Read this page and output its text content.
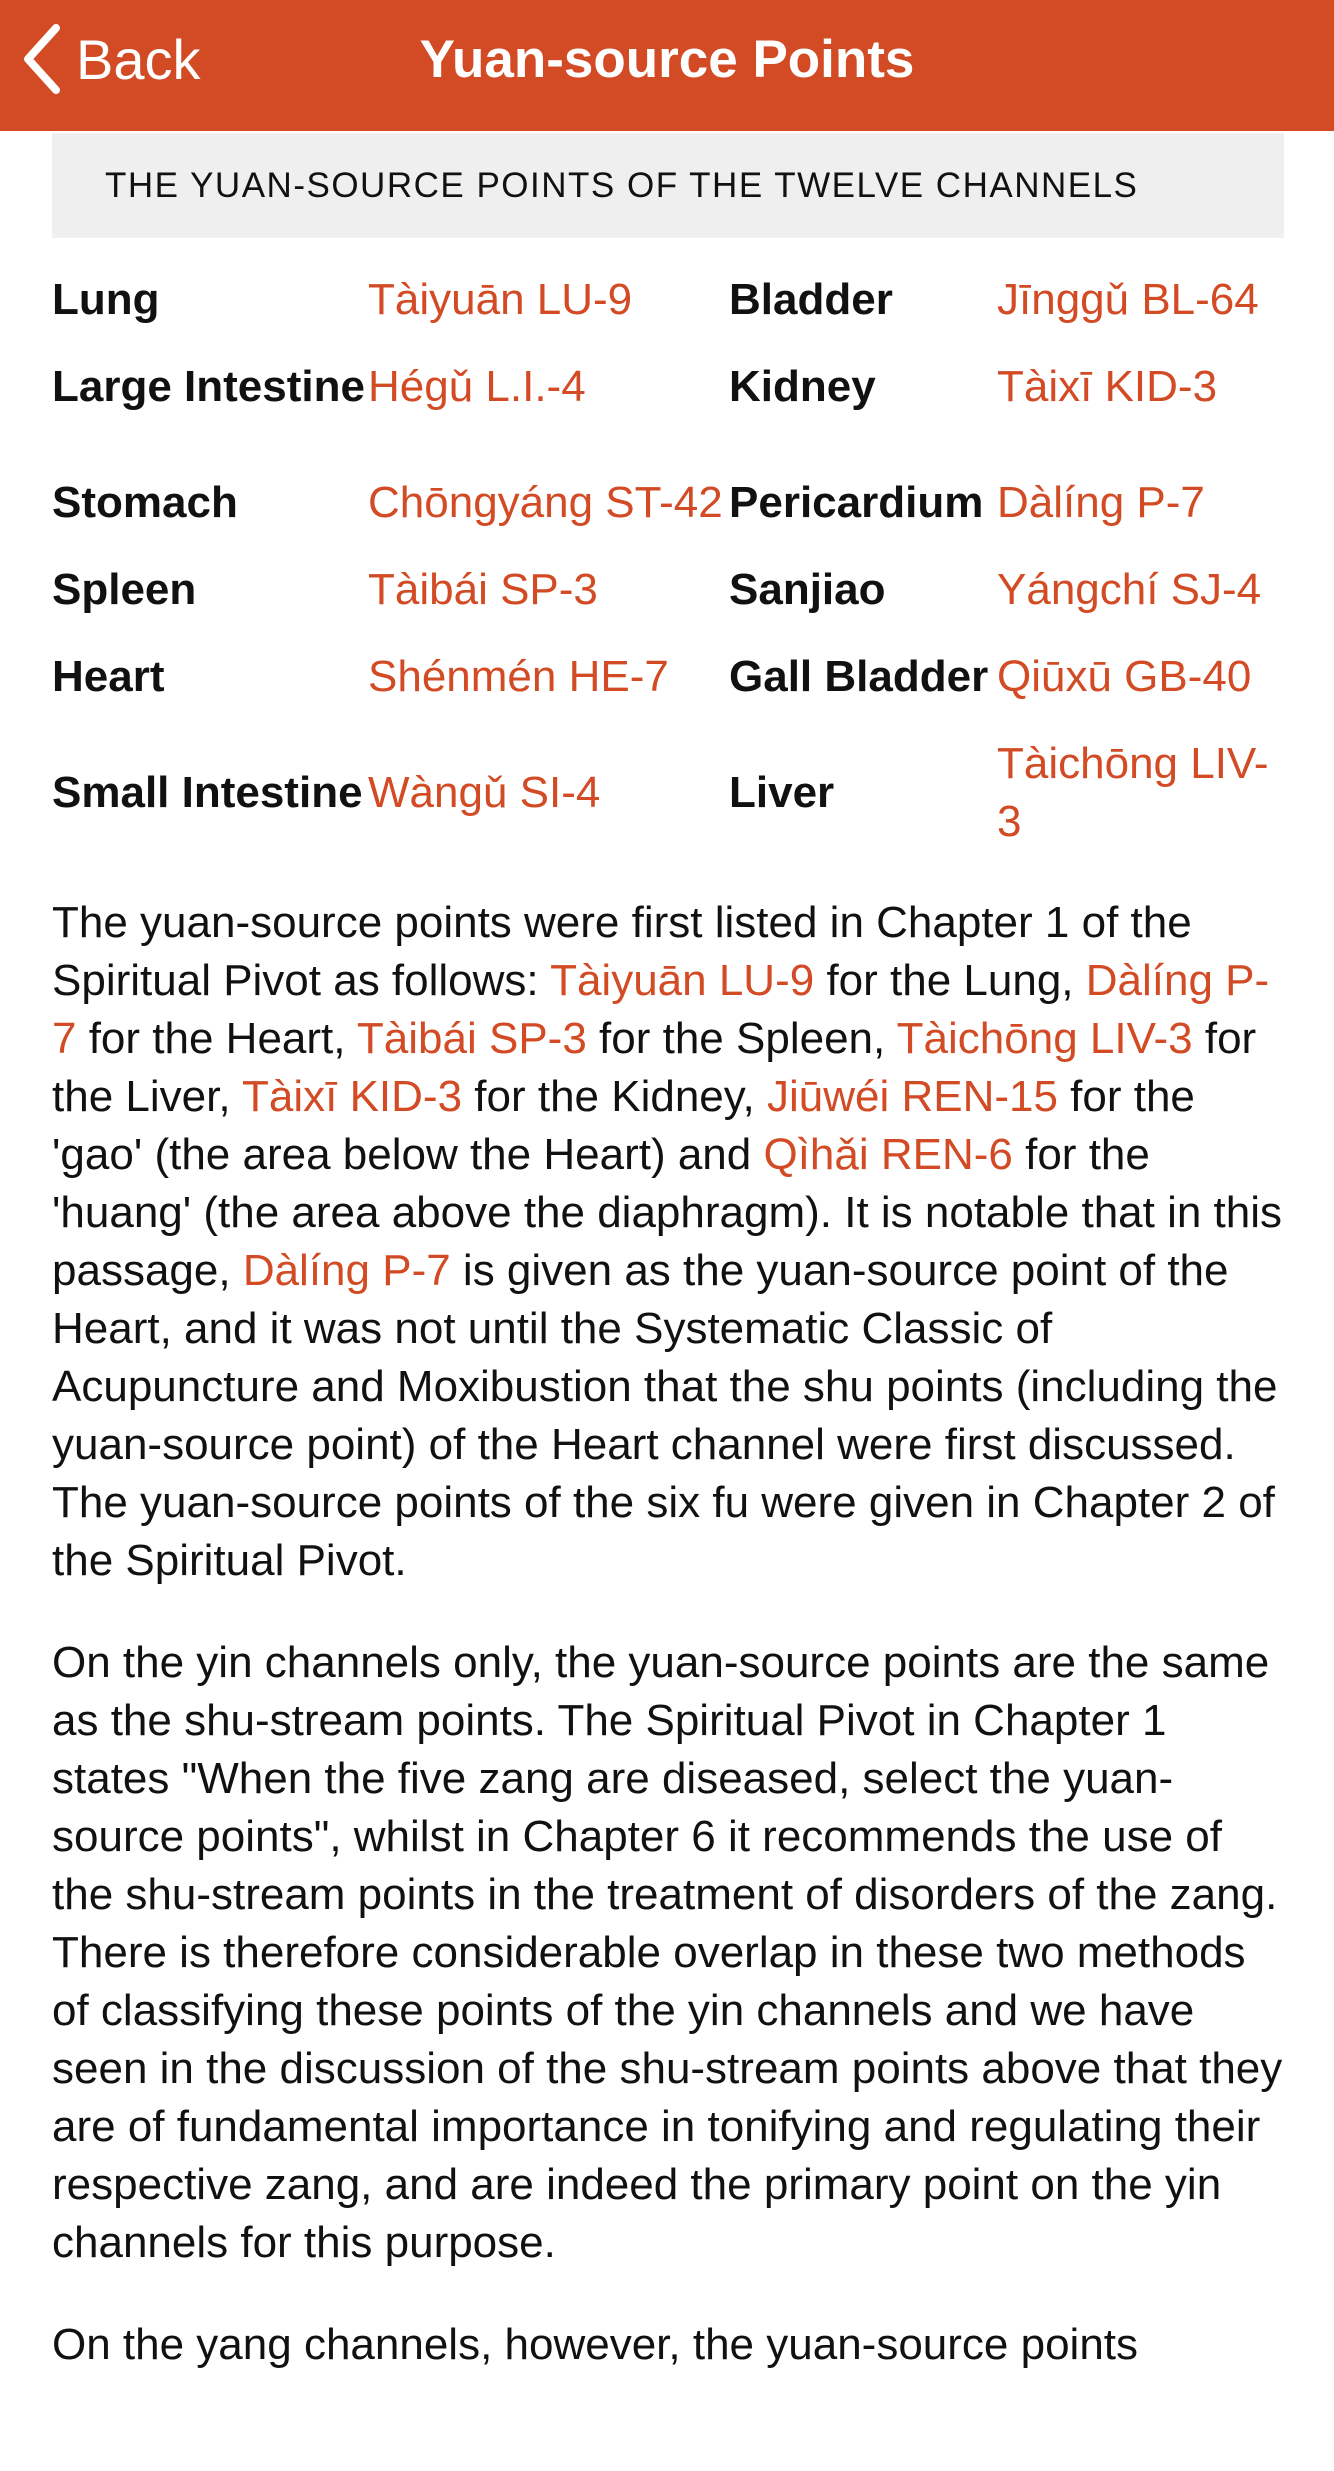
Back	Yuan-source Points
THE YUAN-SOURCE POINTS OF THE TWELVE CHANNELS
Lung	Tàiyuān LU-9	Bladder	Jīnggǔ BL-64
Large Intestine	Hégǔ L.I.-4	Kidney	Tàixī KID-3
Stomach	Chōngyáng ST-42	Pericardium	Dàlíng P-7
Spleen	Tàibái SP-3	Sanjiao	Yángchí SJ-4
Heart	Shénmén HE-7	Gall Bladder	Qiūxū GB-40
Small Intestine	Wàngǔ SI-4	Liver	Tàichōng LIV-3

The yuan-source points were first listed in Chapter 1 of the Spiritual Pivot as follows: Tàiyuān LU-9 for the Lung, Dàlíng P-7 for the Heart, Tàibái SP-3 for the Spleen, Tàichōng LIV-3 for the Liver, Tàixī KID-3 for the Kidney, Jiūwéi REN-15 for the 'gao' (the area below the Heart) and Qìhǎi REN-6 for the 'huang' (the area above the diaphragm). It is notable that in this passage, Dàlíng P-7 is given as the yuan-source point of the Heart, and it was not until the Systematic Classic of Acupuncture and Moxibustion that the shu points (including the yuan-source point) of the Heart channel were first discussed. The yuan-source points of the six fu were given in Chapter 2 of the Spiritual Pivot.

On the yin channels only, the yuan-source points are the same as the shu-stream points. The Spiritual Pivot in Chapter 1 states "When the five zang are diseased, select the yuan-source points", whilst in Chapter 6 it recommends the use of the shu-stream points in the treatment of disorders of the zang. There is therefore considerable overlap in these two methods of classifying these points of the yin channels and we have seen in the discussion of the shu-stream points above that they are of fundamental importance in tonifying and regulating their respective zang, and are indeed the primary point on the yin channels for this purpose.

On the yang channels, however, the yuan-source points
